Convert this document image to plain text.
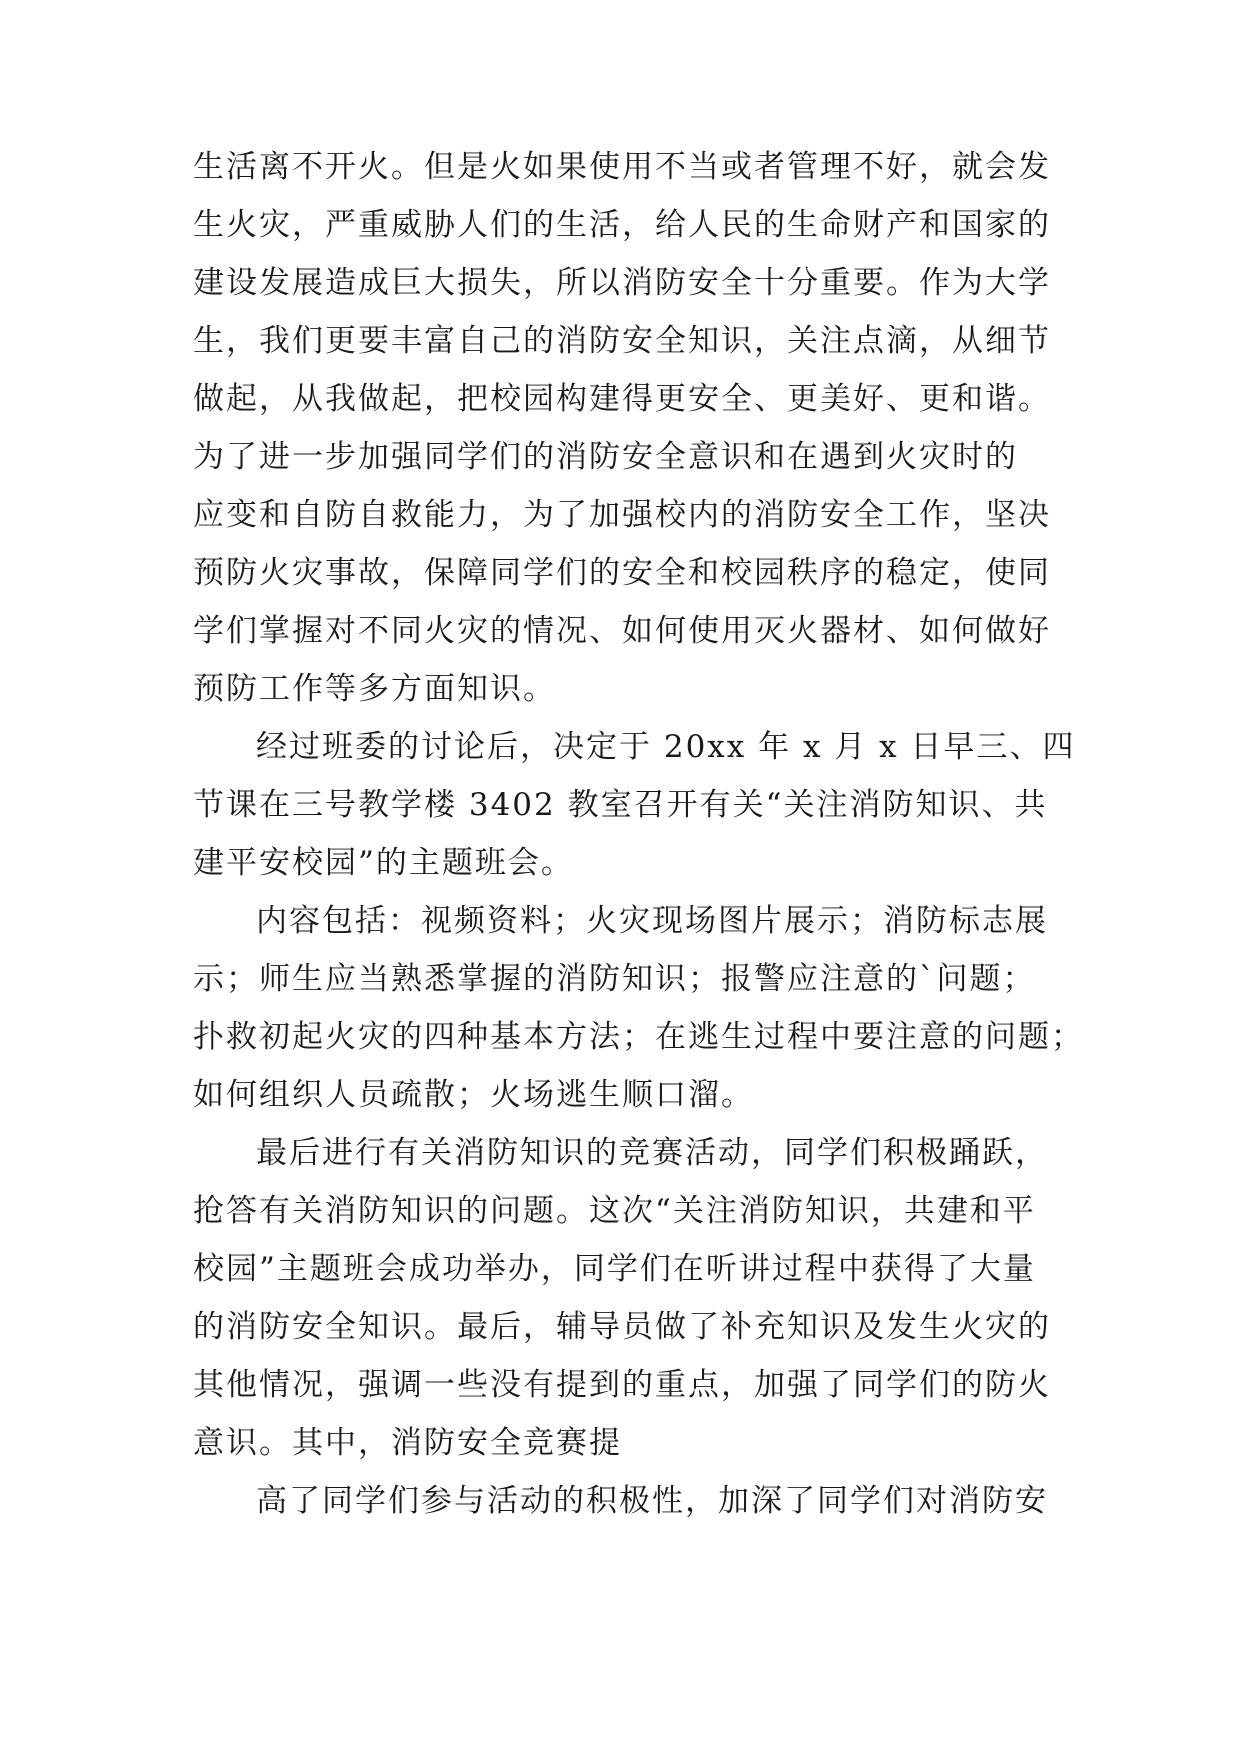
生活离不开火。但是火如果使用不当或者管理不好，就会发
生火灾，严重威胁人们的生活，给人民的生命财产和国家的
建设发展造成巨大损失，所以消防安全十分重要。作为大学
生，我们更要丰富自己的消防安全知识，关注点滴，从细节
做起，从我做起，把校园构建得更安全、更美好、更和谐。
为了进一步加强同学们的消防安全意识和在遇到火灾时的
应变和自防自救能力，为了加强校内的消防安全工作，坚决
预防火灾事故，保障同学们的安全和校园秩序的稳定，使同
学们掌握对不同火灾的情况、如何使用灭火器材、如何做好
预防工作等多方面知识。
经过班委的讨论后，决定于 20xx 年 x 月 x 日早三、四
节课在三号教学楼 3402 教室召开有关“关注消防知识、共
建平安校园”的主题班会。
内容包括：视频资料；火灾现场图片展示；消防标志展
示；师生应当熟悉掌握的消防知识；报警应注意的`问题；
扑救初起火灾的四种基本方法；在逃生过程中要注意的问题；
如何组织人员疏散；火场逃生顺口溜。
最后进行有关消防知识的竞赛活动，同学们积极踊跃，
抢答有关消防知识的问题。这次“关注消防知识，共建和平
校园”主题班会成功举办，同学们在听讲过程中获得了大量
的消防安全知识。最后，辅导员做了补充知识及发生火灾的
其他情况，强调一些没有提到的重点，加强了同学们的防火
意识。其中，消防安全竞赛提
高了同学们参与活动的积极性，加深了同学们对消防安
